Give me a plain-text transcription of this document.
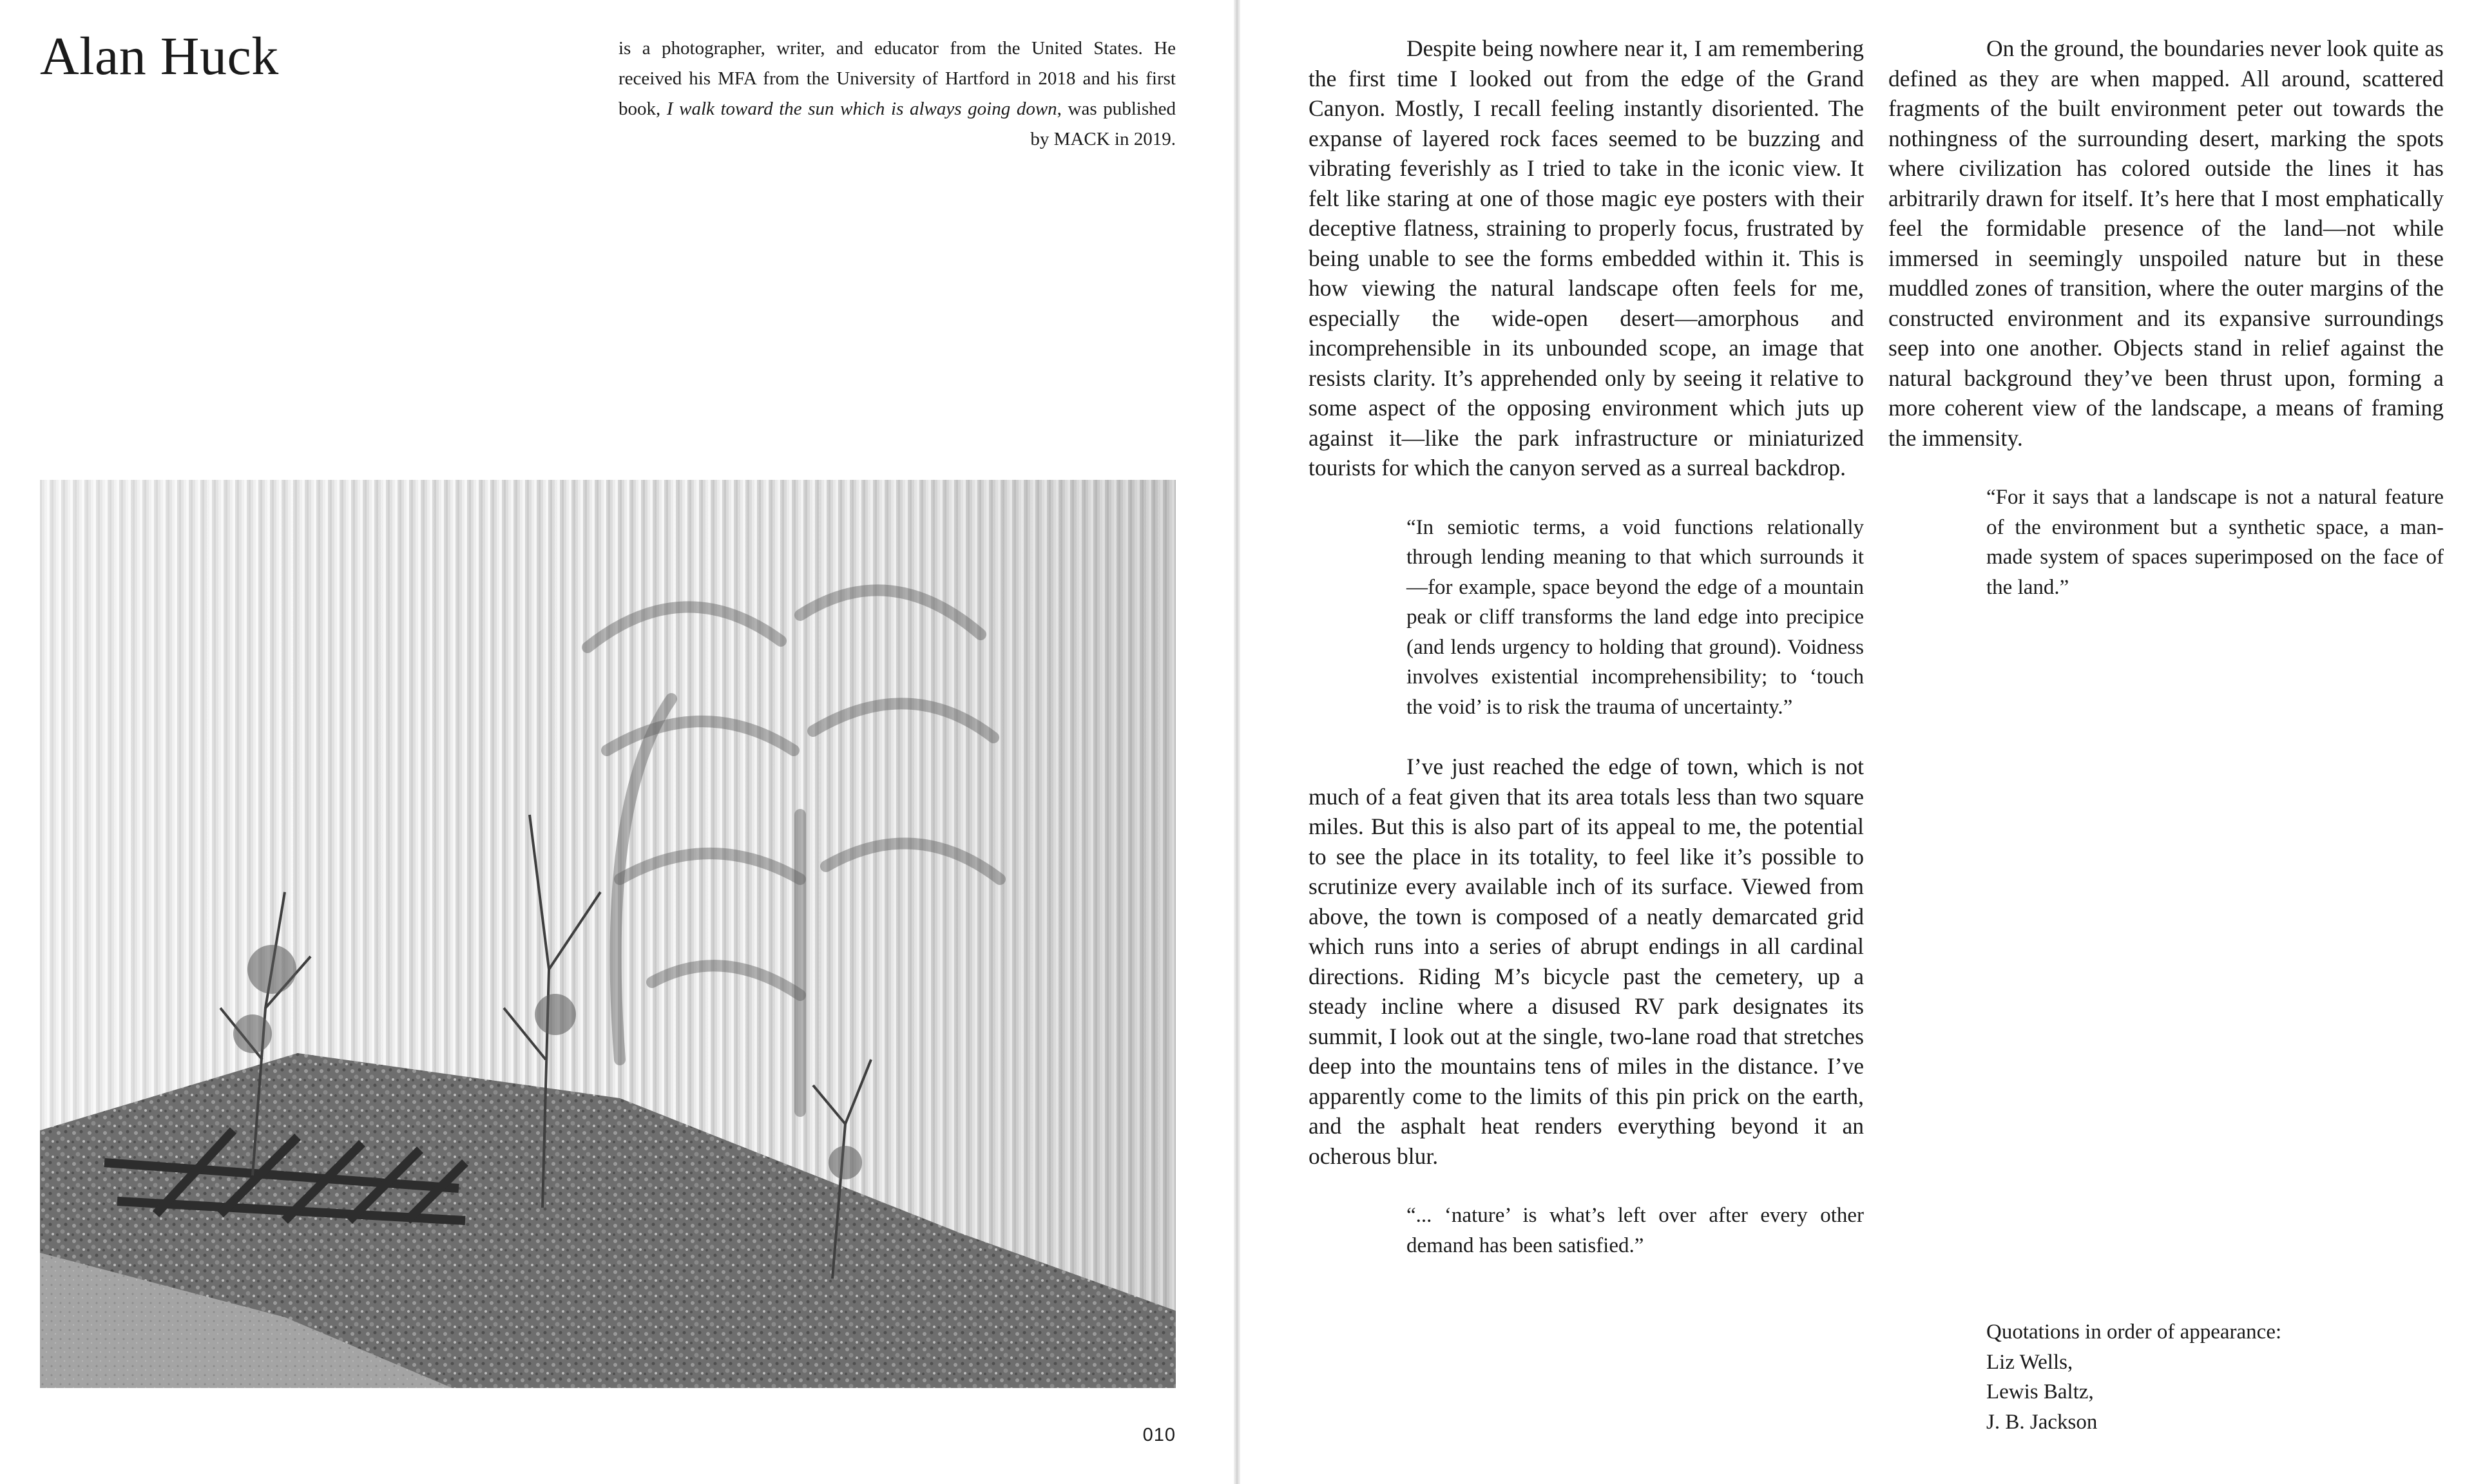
Alan Huck	is a photographer, writer, and educator from the United States. He received his MFA from the University of Hartford in 2018 and his first book, I walk toward the sun which is always going down, was published by MACK in 2019.

010

Despite being nowhere near it, I am remembering the first time I looked out from the edge of the Grand Canyon. Mostly, I recall feeling instantly disoriented. The expanse of layered rock faces seemed to be buzzing and vibrating feverishly as I tried to take in the iconic view. It felt like staring at one of those magic eye posters with their deceptive flatness, straining to properly focus, frustrated by being unable to see the forms embedded within it. This is how viewing the natural landscape often feels for me, especially the wide-open desert—amorphous and incomprehensible in its unbounded scope, an image that resists clarity. It’s apprehended only by seeing it relative to some aspect of the opposing environment which juts up against it—like the park infrastructure or miniaturized tourists for which the canyon served as a surreal backdrop.

“In semiotic terms, a void functions relationally through lending meaning to that which surrounds it—for example, space beyond the edge of a mountain peak or cliff transforms the land edge into precipice (and lends urgency to holding that ground). Voidness involves existential incomprehensibility; to ‘touch the void’ is to risk the trauma of uncertainty.”

I’ve just reached the edge of town, which is not much of a feat given that its area totals less than two square miles. But this is also part of its appeal to me, the potential to see the place in its totality, to feel like it’s possible to scrutinize every available inch of its surface. Viewed from above, the town is composed of a neatly demarcated grid which runs into a series of abrupt endings in all cardinal directions. Riding M’s bicycle past the cemetery, up a steady incline where a disused RV park designates its summit, I look out at the single, two-lane road that stretches deep into the mountains tens of miles in the distance. I’ve apparently come to the limits of this pin prick on the earth, and the asphalt heat renders everything beyond it an ocherous blur.

“... ‘nature’ is what’s left over after every other demand has been satisfied.”

On the ground, the boundaries never look quite as defined as they are when mapped. All around, scattered fragments of the built environment peter out towards the nothingness of the surrounding desert, marking the spots where civilization has colored outside the lines it has arbitrarily drawn for itself. It’s here that I most emphatically feel the formidable presence of the land—not while immersed in seemingly unspoiled nature but in these muddled zones of transition, where the outer margins of the constructed environment and its expansive surroundings seep into one another. Objects stand in relief against the natural background they’ve been thrust upon, forming a more coherent view of the landscape, a means of framing the immensity.

“For it says that a landscape is not a natural feature of the environment but a synthetic space, a man-made system of spaces superimposed on the face of the land.”

Quotations in order of appearance:
Liz Wells,
Lewis Baltz,
J. B. Jackson
